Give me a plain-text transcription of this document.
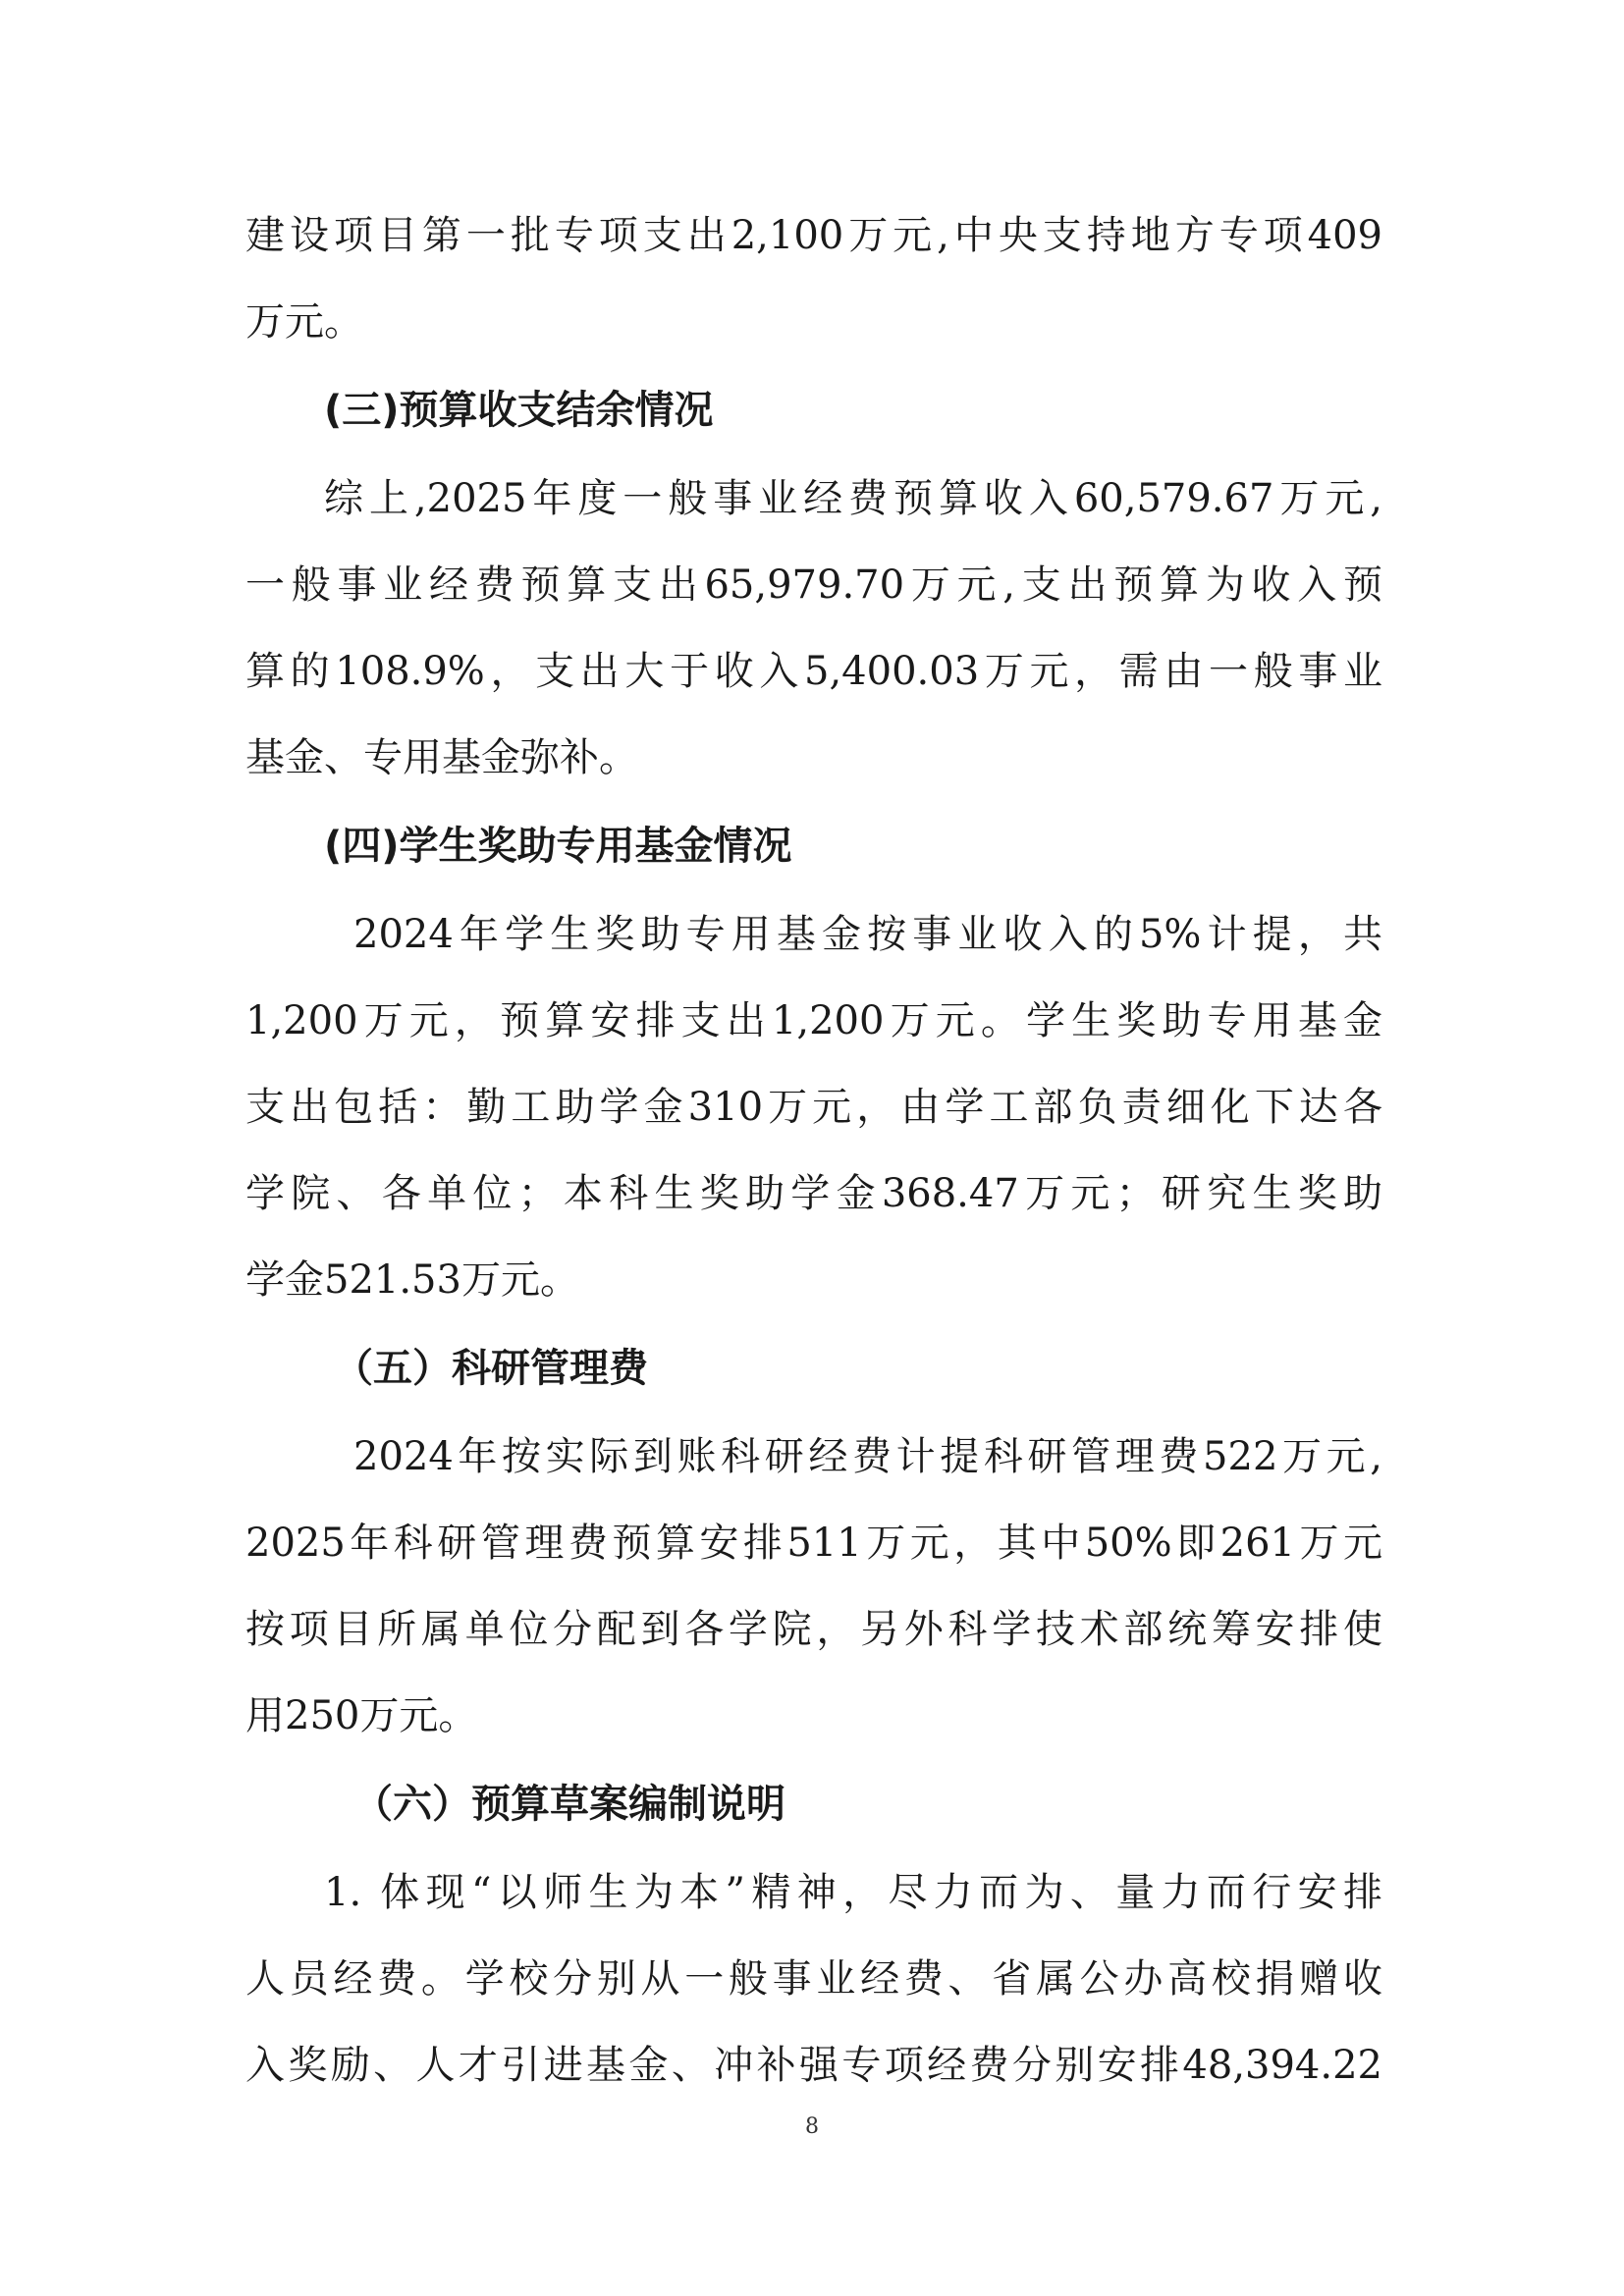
建设项目第一批专项支出2,100万元,中央支持地方专项409
万元。
(三)预算收支结余情况
综上,2025年度一般事业经费预算收入60,579.67万元,
一般事业经费预算支出65,979.70万元,支出预算为收入预
算的108.9%，支出大于收入5,400.03万元，需由一般事业
基金、专用基金弥补。
(四)学生奖助专用基金情况
2024年学生奖助专用基金按事业收入的5%计提，共
1,200万元，预算安排支出1,200万元。学生奖助专用基金
支出包括：勤工助学金310万元，由学工部负责细化下达各
学院、各单位；本科生奖助学金368.47万元；研究生奖助
学金521.53万元。
（五）科研管理费
2024年按实际到账科研经费计提科研管理费522万元,
2025年科研管理费预算安排511万元，其中50%即261万元
按项目所属单位分配到各学院，另外科学技术部统筹安排使
用250万元。
（六）预算草案编制说明
1. 体现“以师生为本”精神，尽力而为、量力而行安排
人员经费。学校分别从一般事业经费、省属公办高校捐赠收
入奖励、人才引进基金、冲补强专项经费分别安排48,394.22
8
